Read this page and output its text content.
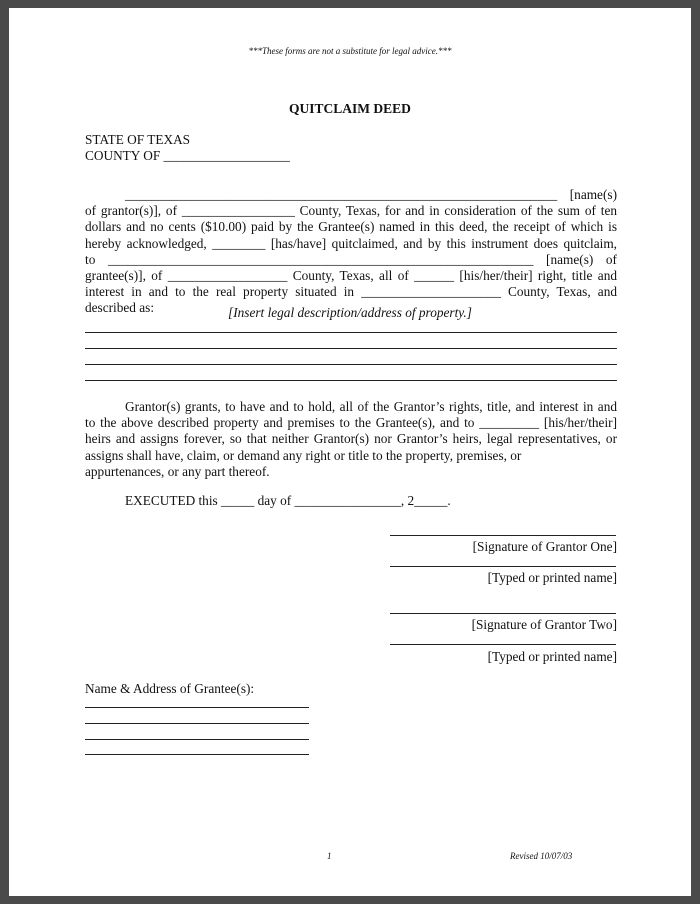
***These forms are not a substitute for legal advice.***
QUITCLAIM DEED
STATE OF TEXAS
COUNTY OF ___________________
_________________________________________________________________ [name(s)
of grantor(s)], of _________________ County, Texas, for and in consideration of the sum of ten
dollars and no cents ($10.00) paid by the Grantee(s) named in this deed, the receipt of which is
hereby acknowledged, ________ [has/have] quitclaimed, and by this instrument does quitclaim,
to ________________________________________________________________ [name(s) of
grantee(s)], of __________________ County, Texas, all of ______ [his/her/their] right, title and
interest in and to the real property situated in _____________________ County, Texas, and
described as:	[Insert legal description/address of property.]
Grantor(s) grants, to have and to hold, all of the Grantor’s rights, title, and interest in and
to the above described property and premises to the Grantee(s), and to _________ [his/her/their]
heirs and assigns forever, so that neither Grantor(s) nor Grantor’s heirs, legal representatives, or
assigns shall have, claim, or demand any right or title to the property, premises, or
appurtenances, or any part thereof.
EXECUTED this _____ day of ________________, 2_____.
[Signature of Grantor One]
[Typed or printed name]
[Signature of Grantor Two]
[Typed or printed name]
Name & Address of Grantee(s):
1	Revised 10/07/03
